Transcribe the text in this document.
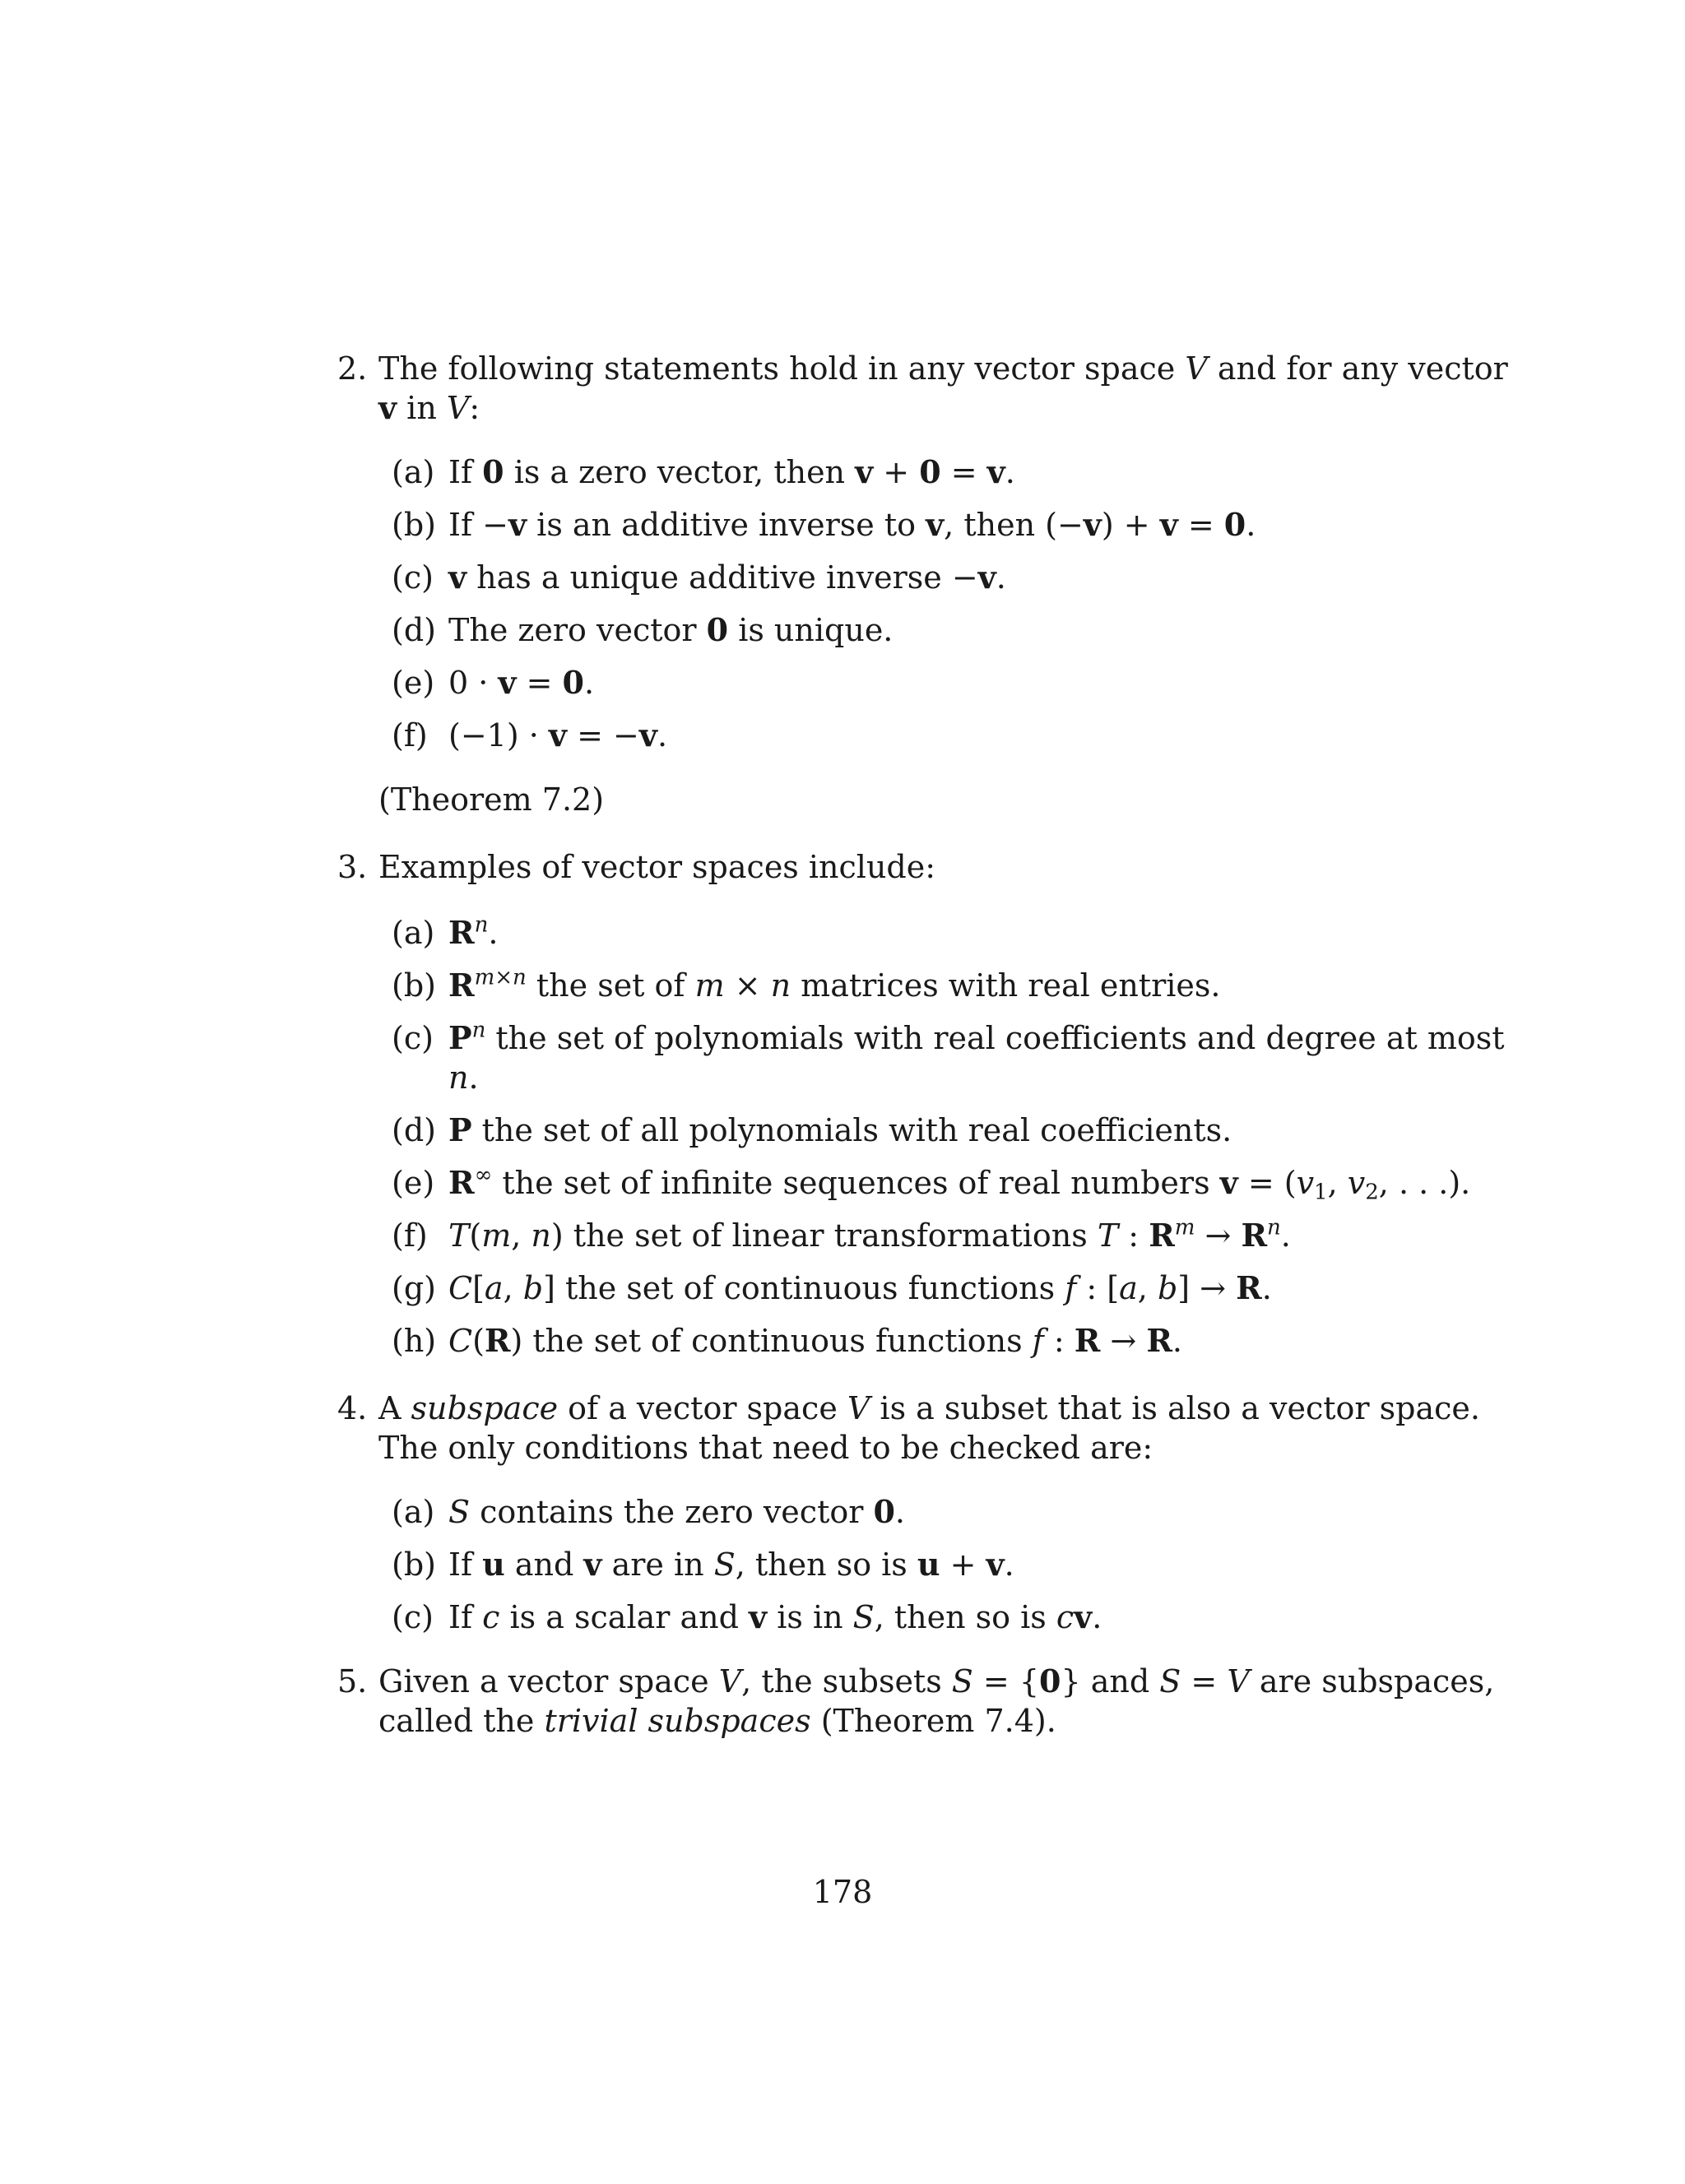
2. The following statements hold in any vector space V and for any vector
v in V:
(a) If 0 is a zero vector, then v + 0 = v.
(b) If −v is an additive inverse to v, then (−v) + v = 0.
(c) v has a unique additive inverse −v.
(d) The zero vector 0 is unique.
(e) 0 · v = 0.
(f) (−1) · v = −v.
(Theorem 7.2)
3. Examples of vector spaces include:
(a) $R^n$.
(b) $R^{m\times n}$ the set of m × n matrices with real entries.
(c) $P^n$ the set of polynomials with real coefficients and degree at most
n.
(d) P the set of all polynomials with real coefficients.
(e) R∞ the set of infinite sequences of real numbers $v = (v_1$, $v_2$, . . .).
(f) T(m, n) the set of linear transformations T : $R^m \to R^n$.
(g) C[a, b] the set of continuous functions f : [a, b] → R.
(h) C(R) the set of continuous functions f : R → R.
4. A subspace of a vector space V is a subset that is also a vector space.
The only conditions that need to be checked are:
(a) S contains the zero vector 0.
(b) If u and v are in S, then so is u + v.
(c) If c is a scalar and v is in S, then so is cv.
5. Given a vector space V, the subsets S = {0} and S = V are subspaces,
called the trivial subspaces (Theorem 7.4).
178
